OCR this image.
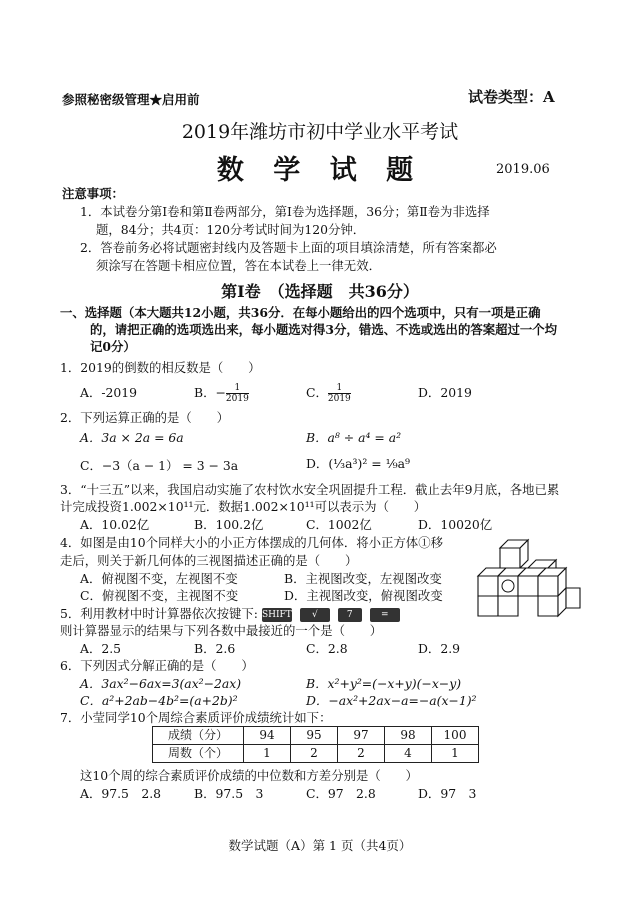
参照秘密级管理★启用前	试卷类型：A
2019年潍坊市初中学业水平考试
数 学 试 题	2019.06
注意事项：
1．本试卷分第Ⅰ卷和第Ⅱ卷两部分，第Ⅰ卷为选择题，36分；第Ⅱ卷为非选择
题，84分；共4页：120分考试时间为120分钟．
2．答卷前务必将试题密封线内及答题卡上面的项目填涂清楚，所有答案都必
须涂写在答题卡相应位置，答在本试卷上一律无效．
第Ⅰ卷　（选择题　共36分）
一、选择题（本大题共12小题，共36分．在每小题给出的四个选项中，只有一项是正确
的，请把正确的选项选出来，每小题选对得3分，错选、不选或选出的答案超过一个均
记0分）
1．2019的倒数的相反数是（　　）
A．-2019	B．− $\frac{1}{2019}$	C． $\frac{1}{2019}$	D．2019
2．下列运算正确的是（　　）
A．3a × 2a = 6a	B．a⁸ ÷ a⁴ = a²
C．−3（a − 1） = 3 − 3a	D．(⅓a³)² = ⅑a⁹
3．“十三五”以来，我国启动实施了农村饮水安全巩固提升工程．截止去年9月底，各地已累
计完成投资1.002×10¹¹元．数据1.002×10¹¹可以表示为（　　）
A．10.02亿	B．100.2亿	C．1002亿	D．10020亿
4．如图是由10个同样大小的小正方体摆成的几何体．将小正方体①移
走后，则关于新几何体的三视图描述正确的是（　　）
A．俯视图不变，左视图不变	B．主视图改变，左视图改变
C．俯视图不变，主视图不变	D．主视图改变，俯视图改变
5．利用教材中时计算器依次按键下: SHIFT √	7	=
则计算器显示的结果与下列各数中最接近的一个是（　　）
A．2.5	B．2.6	C．2.8	D．2.9
6．下列因式分解正确的是（　　）
A．3ax²−6ax=3(ax²−2ax)	B．x²+y²=(−x+y)(−x−y)
C．a²+2ab−4b²=(a+2b)²	D．−ax²+2ax−a=−a(x−1)²
7．小莹同学10个周综合素质评价成绩统计如下：
成绩（分）	94	95	97	98	100
周数（个）	1	2	2	4	1
这10个周的综合素质评价成绩的中位数和方差分别是（　　）
A．97.5　2.8	B．97.5　3	C．97　2.8	D．97　3
数学试题（A）第 1 页（共4页）
